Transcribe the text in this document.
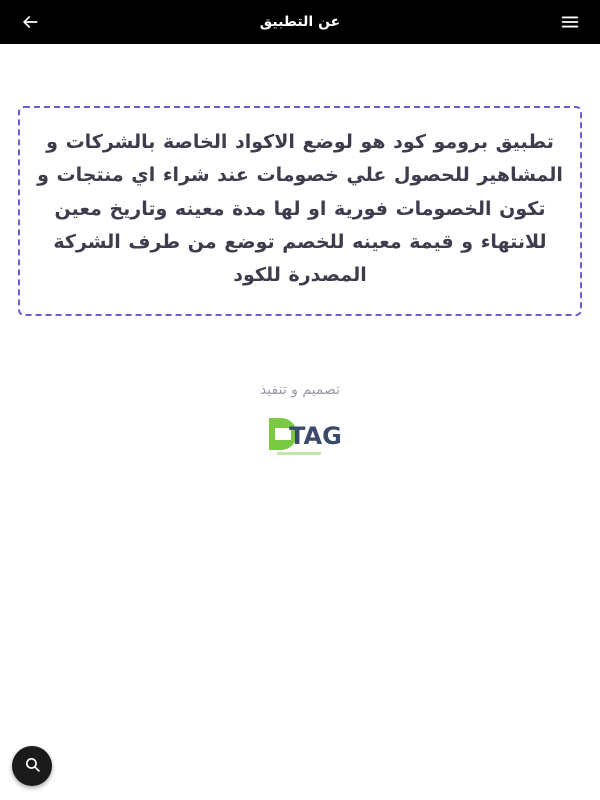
عن التطبيق
تطبيق برومو كود هو لوضع الاكواد الخاصة بالشركات و المشاهير للحصول علي خصومات عند شراء اي منتجات و تكون الخصومات فورية او لها مدة معينه وتاريخ معين للانتهاء و قيمة معينه للخصم توضع من طرف الشركة المصدرة للكود
تصميم و تنفيذ
TAG
